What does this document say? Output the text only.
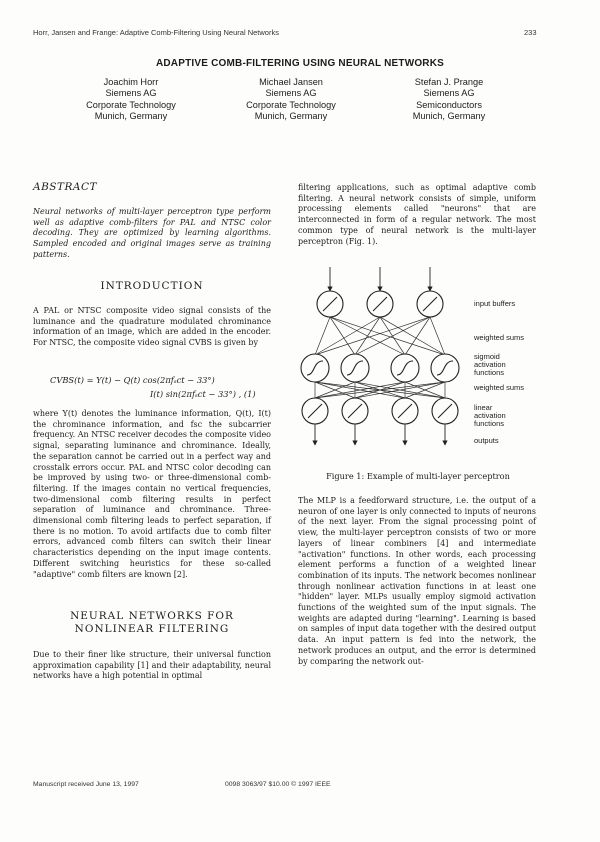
Horr, Jansen and Frange: Adaptive Comb-Filtering Using Neural Networks	233
ADAPTIVE COMB-FILTERING USING NEURAL NETWORKS
Joachim Horr
Siemens AG
Corporate Technology
Munich, Germany
Michael Jansen
Siemens AG
Corporate Technology
Munich, Germany
Stefan J. Prange
Siemens AG
Semiconductors
Munich, Germany
ABSTRACT
Neural networks of multi-layer perceptron type perform well as adaptive comb-filters for PAL and NTSC color decoding. They are optimized by learning algorithms. Sampled encoded and original images serve as training patterns.
INTRODUCTION
A PAL or NTSC composite video signal consists of the luminance and the quadrature modulated chrominance information of an image, which are added in the encoder. For NTSC, the composite video signal CVBS is given by
CVBS(t) = Y(t) − Q(t) cos(2πfₛct − 33°)
I(t) sin(2πfₛct − 33°) , (1)
where Y(t) denotes the luminance information, Q(t), I(t) the chrominance information, and fsc the subcarrier frequency. An NTSC receiver decodes the composite video signal, separating luminance and chrominance. Ideally, the separation cannot be carried out in a perfect way and crosstalk errors occur. PAL and NTSC color decoding can be improved by using two- or three-dimensional comb-filtering. If the images contain no vertical frequencies, two-dimensional comb filtering results in perfect separation of luminance and chrominance. Three-dimensional comb filtering leads to perfect separation, if there is no motion. To avoid artifacts due to comb filter errors, advanced comb filters can switch their linear characteristics depending on the input image contents. Different switching heuristics for these so-called "adaptive" comb filters are known [2].
NEURAL NETWORKS FOR
NONLINEAR FILTERING
Due to their finer like structure, their universal function approximation capability [1] and their adaptability, neural networks have a high potential in optimal
filtering applications, such as optimal adaptive comb filtering. A neural network consists of simple, uniform processing elements called "neurons" that are interconnected in form of a regular network. The most common type of neural network is the multi-layer perceptron (Fig. 1).
input buffers
weighted sums
sigmoid
activation
functions
weighted sums
linear
activation
functions
outputs
Figure 1: Example of multi-layer perceptron
The MLP is a feedforward structure, i.e. the output of a neuron of one layer is only connected to inputs of neurons of the next layer. From the signal processing point of view, the multi-layer perceptron consists of two or more layers of linear combiners [4] and intermediate "activation" functions. In other words, each processing element performs a function of a weighted linear combination of its inputs. The network becomes nonlinear through nonlinear activation functions in at least one "hidden" layer. MLPs usually employ sigmoid activation functions of the weighted sum of the input signals. The weights are adapted during "learning". Learning is based on samples of input data together with the desired output data. An input pattern is fed into the network, the network produces an output, and the error is determined by comparing the network out-
Manuscript received June 13, 1997	0098 3063/97 $10.00 © 1997 IEEE
